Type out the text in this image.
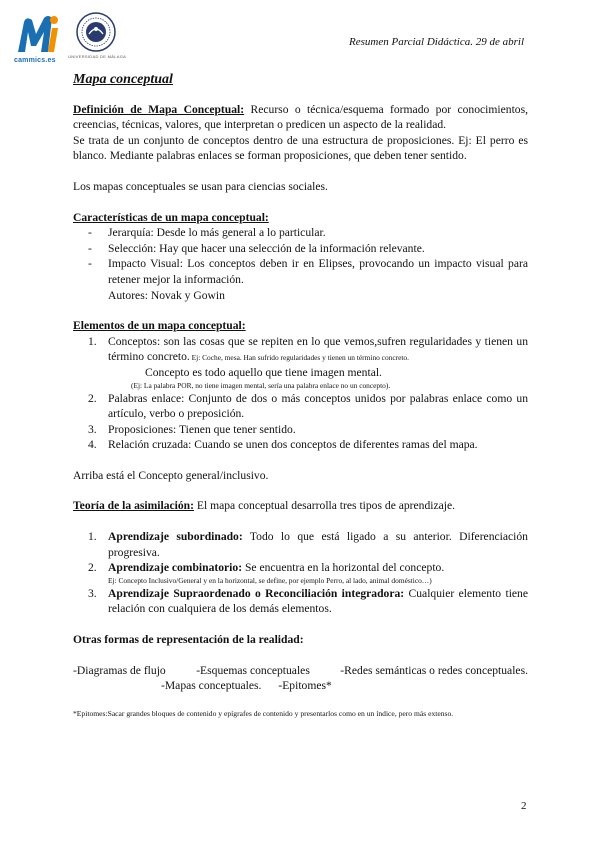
cammics.es
UNIVERSIDAD DE MÁLAGA
Resumen Parcial Didáctica. 29 de abril
Mapa conceptual

Definición de Mapa Conceptual: Recurso o técnica/esquema formado por conocimientos, creencias, técnicas, valores, que interpretan o predicen un aspecto de la realidad.

Se trata de un conjunto de conceptos dentro de una estructura de proposiciones. Ej: El perro es blanco. Mediante palabras enlaces se forman proposiciones, que deben tener sentido.

Los mapas conceptuales se usan para ciencias sociales.

Características de un mapa conceptual:

- Jerarquía: Desde lo más general a lo particular.
- Selección: Hay que hacer una selección de la información relevante.
- Impacto Visual: Los conceptos deben ir en Elipses, provocando un impacto visual para retener mejor la información.

Autores: Novak y Gowin

Elementos de un mapa conceptual:

1. Conceptos: son las cosas que se repiten en lo que vemos,sufren regularidades y tienen un término concreto. Ej: Coche, mesa. Han sufrido regularidades y tienen un término concreto.

Concepto es todo aquello que tiene imagen mental.

(Ej: La palabra POR, no tiene imagen mental, sería una palabra enlace no un concepto).

2. Palabras enlace: Conjunto de dos o más conceptos unidos por palabras enlace como un artículo, verbo o preposición.
3. Proposiciones: Tienen que tener sentido.
4. Relación cruzada: Cuando se unen dos conceptos de diferentes ramas del mapa.

Arriba está el Concepto general/inclusivo.

Teoría de la asimilación: El mapa conceptual desarrolla tres tipos de aprendizaje.

1. Aprendizaje subordinado: Todo lo que está ligado a su anterior. Diferenciación progresiva.
2. Aprendizaje combinatorio: Se encuentra en la horizontal del concepto.

Ej: Concepto Inclusivo/General y en la horizontal, se define, por ejemplo Perro, al lado, animal doméstico…)

3. Aprendizaje Supraordenado o Reconciliación integradora: Cualquier elemento tiene relación con cualquiera de los demás elementos.

Otras formas de representación de la realidad:

-Diagramas de flujo	-Esquemas conceptuales	-Redes semánticas o redes conceptuales.
-Mapas conceptuales. -Epitomes*

*Epitomes:Sacar grandes bloques de contenido y epígrafes de contenido y presentarlos como en un índice, pero más extenso.

2
